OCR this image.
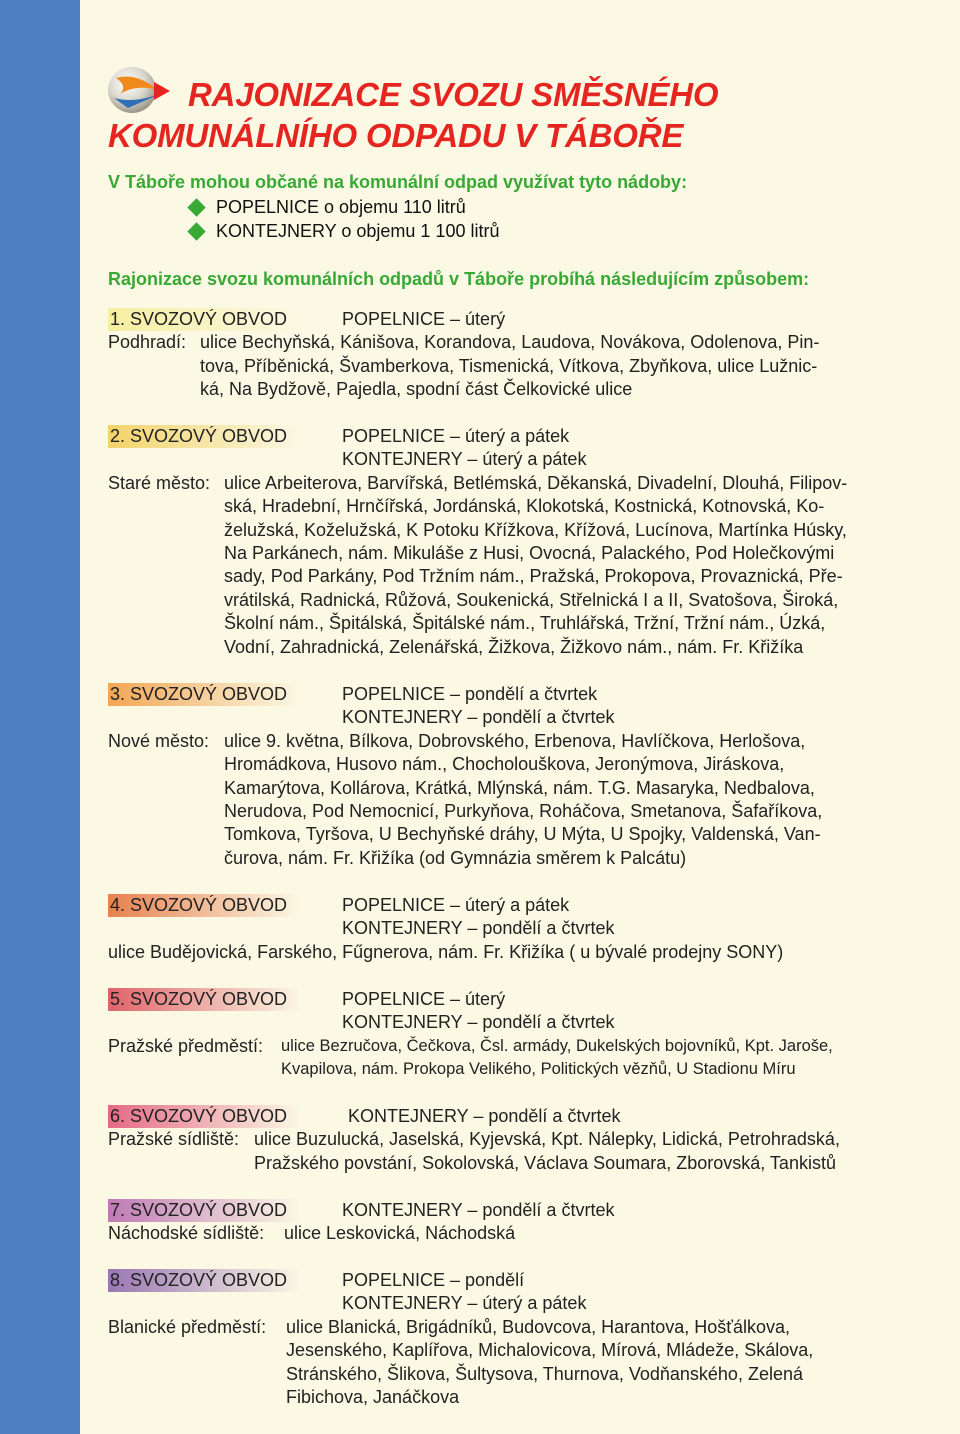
RAJONIZACE SVOZU SMĚSNÉHO
KOMUNÁLNÍHO ODPADU V TÁBOŘE
V Táboře mohou občané na komunální odpad využívat tyto nádoby:
POPELNICE o objemu 110 litrů
KONTEJNERY o objemu 1 100 litrů
Rajonizace svozu komunálních odpadů v Táboře probíhá následujícím způsobem:
1. SVOZOVÝ OBVOD	POPELNICE – úterý
Podhradí: ulice Bechyňská, Kánišova, Korandova, Laudova, Novákova, Odolenova, Pin-
tova, Příběnická, Švamberkova, Tismenická, Vítkova, Zbyňkova, ulice Lužnic-
ká, Na Bydžově, Pajedla, spodní část Čelkovické ulice
2. SVOZOVÝ OBVOD	POPELNICE – úterý a pátek
KONTEJNERY – úterý a pátek
Staré město: ulice Arbeiterova, Barvířská, Betlémská, Děkanská, Divadelní, Dlouhá, Filipov-
ská, Hradební, Hrnčířská, Jordánská, Klokotská, Kostnická, Kotnovská, Ko-
želužská, Koželužská, K Potoku Křížkova, Křížová, Lucínova, Martínka Húsky,
Na Parkánech, nám. Mikuláše z Husi, Ovocná, Palackého, Pod Holečkovými
sady, Pod Parkány, Pod Tržním nám., Pražská, Prokopova, Provaznická, Pře-
vrátilská, Radnická, Růžová, Soukenická, Střelnická I a II, Svatošova, Široká,
Školní nám., Špitálská, Špitálské nám., Truhlářská, Tržní, Tržní nám., Úzká,
Vodní, Zahradnická, Zelenářská, Žižkova, Žižkovo nám., nám. Fr. Křižíka
3. SVOZOVÝ OBVOD	POPELNICE – pondělí a čtvrtek
KONTEJNERY – pondělí a čtvrtek
Nové město: ulice 9. května, Bílkova, Dobrovského, Erbenova, Havlíčkova, Herlošova,
Hromádkova, Husovo nám., Chocholouškova, Jeronýmova, Jiráskova,
Kamarýtova, Kollárova, Krátká, Mlýnská, nám. T.G. Masaryka, Nedbalova,
Nerudova, Pod Nemocnicí, Purkyňova, Roháčova, Smetanova, Šafaříkova,
Tomkova, Tyršova, U Bechyňské dráhy, U Mýta, U Spojky, Valdenská, Van-
čurova, nám. Fr. Křižíka (od Gymnázia směrem k Palcátu)
4. SVOZOVÝ OBVOD	POPELNICE – úterý a pátek
KONTEJNERY – pondělí a čtvrtek
ulice Budějovická, Farského, Fűgnerova, nám. Fr. Křižíka ( u bývalé prodejny SONY)
5. SVOZOVÝ OBVOD	POPELNICE – úterý
KONTEJNERY – pondělí a čtvrtek
Pražské předměstí:	ulice Bezručova, Čečkova, Čsl. armády, Dukelských bojovníků, Kpt. Jaroše,
Kvapilova, nám. Prokopa Velikého, Politických vězňů, U Stadionu Míru
6. SVOZOVÝ OBVOD	KONTEJNERY – pondělí a čtvrtek
Pražské sídliště: ulice Buzulucká, Jaselská, Kyjevská, Kpt. Nálepky, Lidická, Petrohradská,
Pražského povstání, Sokolovská, Václava Soumara, Zborovská, Tankistů
7. SVOZOVÝ OBVOD	KONTEJNERY – pondělí a čtvrtek
Náchodské sídliště:	ulice Leskovická, Náchodská
8. SVOZOVÝ OBVOD	POPELNICE – pondělí
KONTEJNERY – úterý a pátek
Blanické předměstí:	ulice Blanická, Brigádníků, Budovcova, Harantova, Hošťálkova,
Jesenského, Kaplířova, Michalovicova, Mírová, Mládeže, Skálova,
Stránského, Šlikova, Šultysova, Thurnova, Vodňanského, Zelená
Fibichova, Janáčkova
